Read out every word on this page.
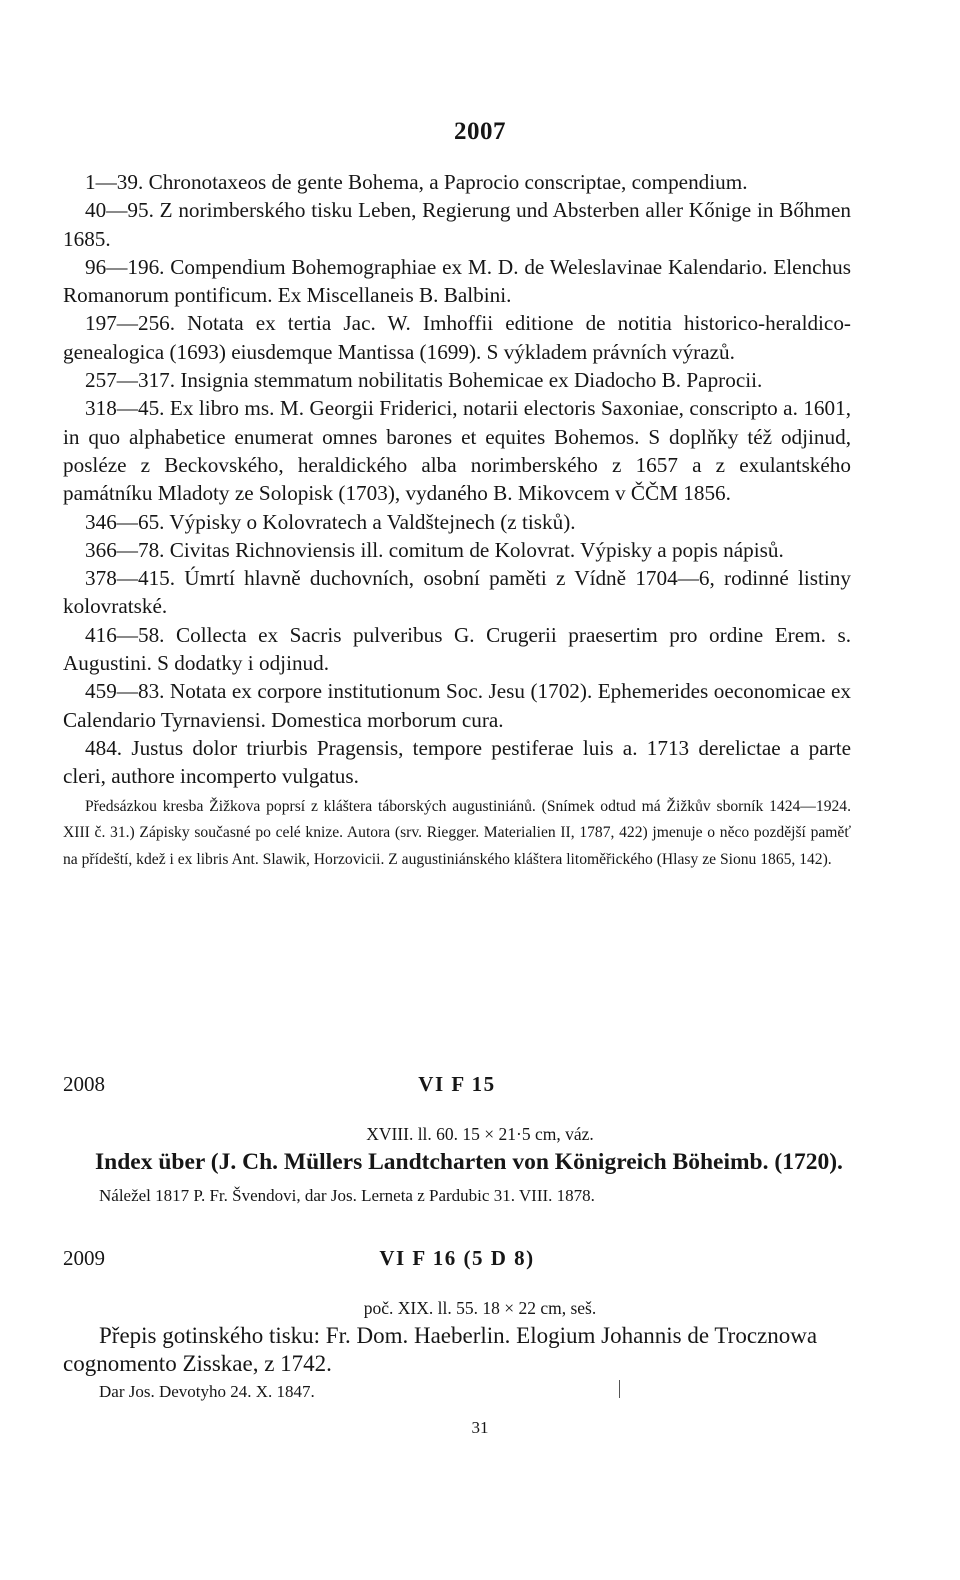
2007

1—39. Chronotaxeos de gente Bohema, a Paprocio conscriptae, compendium.

40—95. Z norimberského tisku Leben, Regierung und Absterben aller Kőnige in Bőhmen 1685.

96—196. Compendium Bohemographiae ex M. D. de Weleslavinae Kalendario. Elenchus Romanorum pontificum. Ex Miscellaneis B. Balbini.

197—256. Notata ex tertia Jac. W. Imhoffii editione de notitia historico-heraldico-genealogica (1693) eiusdemque Mantissa (1699). S výkladem právních výrazů.

257—317. Insignia stemmatum nobilitatis Bohemicae ex Diadocho B. Paprocii.

318—45. Ex libro ms. M. Georgii Friderici, notarii electoris Saxoniae, conscripto a. 1601, in quo alphabetice enumerat omnes barones et equites Bohemos. S doplňky též odjinud, posléze z Beckovského, heraldického alba norimberského z 1657 a z exulantského památníku Mladoty ze Solopisk (1703), vydaného B. Mikovcem v ČČM 1856.

346—65. Výpisky o Kolovratech a Valdštejnech (z tisků).

366—78. Civitas Richnoviensis ill. comitum de Kolovrat. Výpisky a popis nápisů.

378—415. Úmrtí hlavně duchovních, osobní paměti z Vídně 1704—6, rodinné listiny kolovratské.

416—58. Collecta ex Sacris pulveribus G. Crugerii praesertim pro ordine Erem. s. Augustini. S dodatky i odjinud.

459—83. Notata ex corpore institutionum Soc. Jesu (1702). Ephemerides oeconomicae ex Calendario Tyrnaviensi. Domestica morborum cura.

484. Justus dolor triurbis Pragensis, tempore pestiferae luis a. 1713 derelictae a parte cleri, authore incomperto vulgatus.

Předsázkou kresba Žižkova poprsí z kláštera táborských augustiniánů. (Snímek odtud má Žižkův sborník 1424—1924. XIII č. 31.) Zápisky současné po celé knize. Autora (srv. Riegger. Materialien II, 1787, 422) jmenuje o něco pozdější paměť na přídeští, kdež i ex libris Ant. Slawik, Horzovicii. Z augustiniánského kláštera litoměřického (Hlasy ze Sionu 1865, 142).

2008	VI F 15
XVIII. ll. 60. 15 × 21·5 cm, váz.

Index über (J. Ch. Müllers Landtcharten von Königreich Böheimb. (1720).

Náležel 1817 P. Fr. Švendovi, dar Jos. Lerneta z Pardubic 31. VIII. 1878.

2009	VI F 16 (5 D 8)
poč. XIX. ll. 55. 18 × 22 cm, seš.

Přepis gotinského tisku: Fr. Dom. Haeberlin. Elogium Johannis de Trocznowa cognomento Zisskae, z 1742.

Dar Jos. Devotyho 24. X. 1847.

31
